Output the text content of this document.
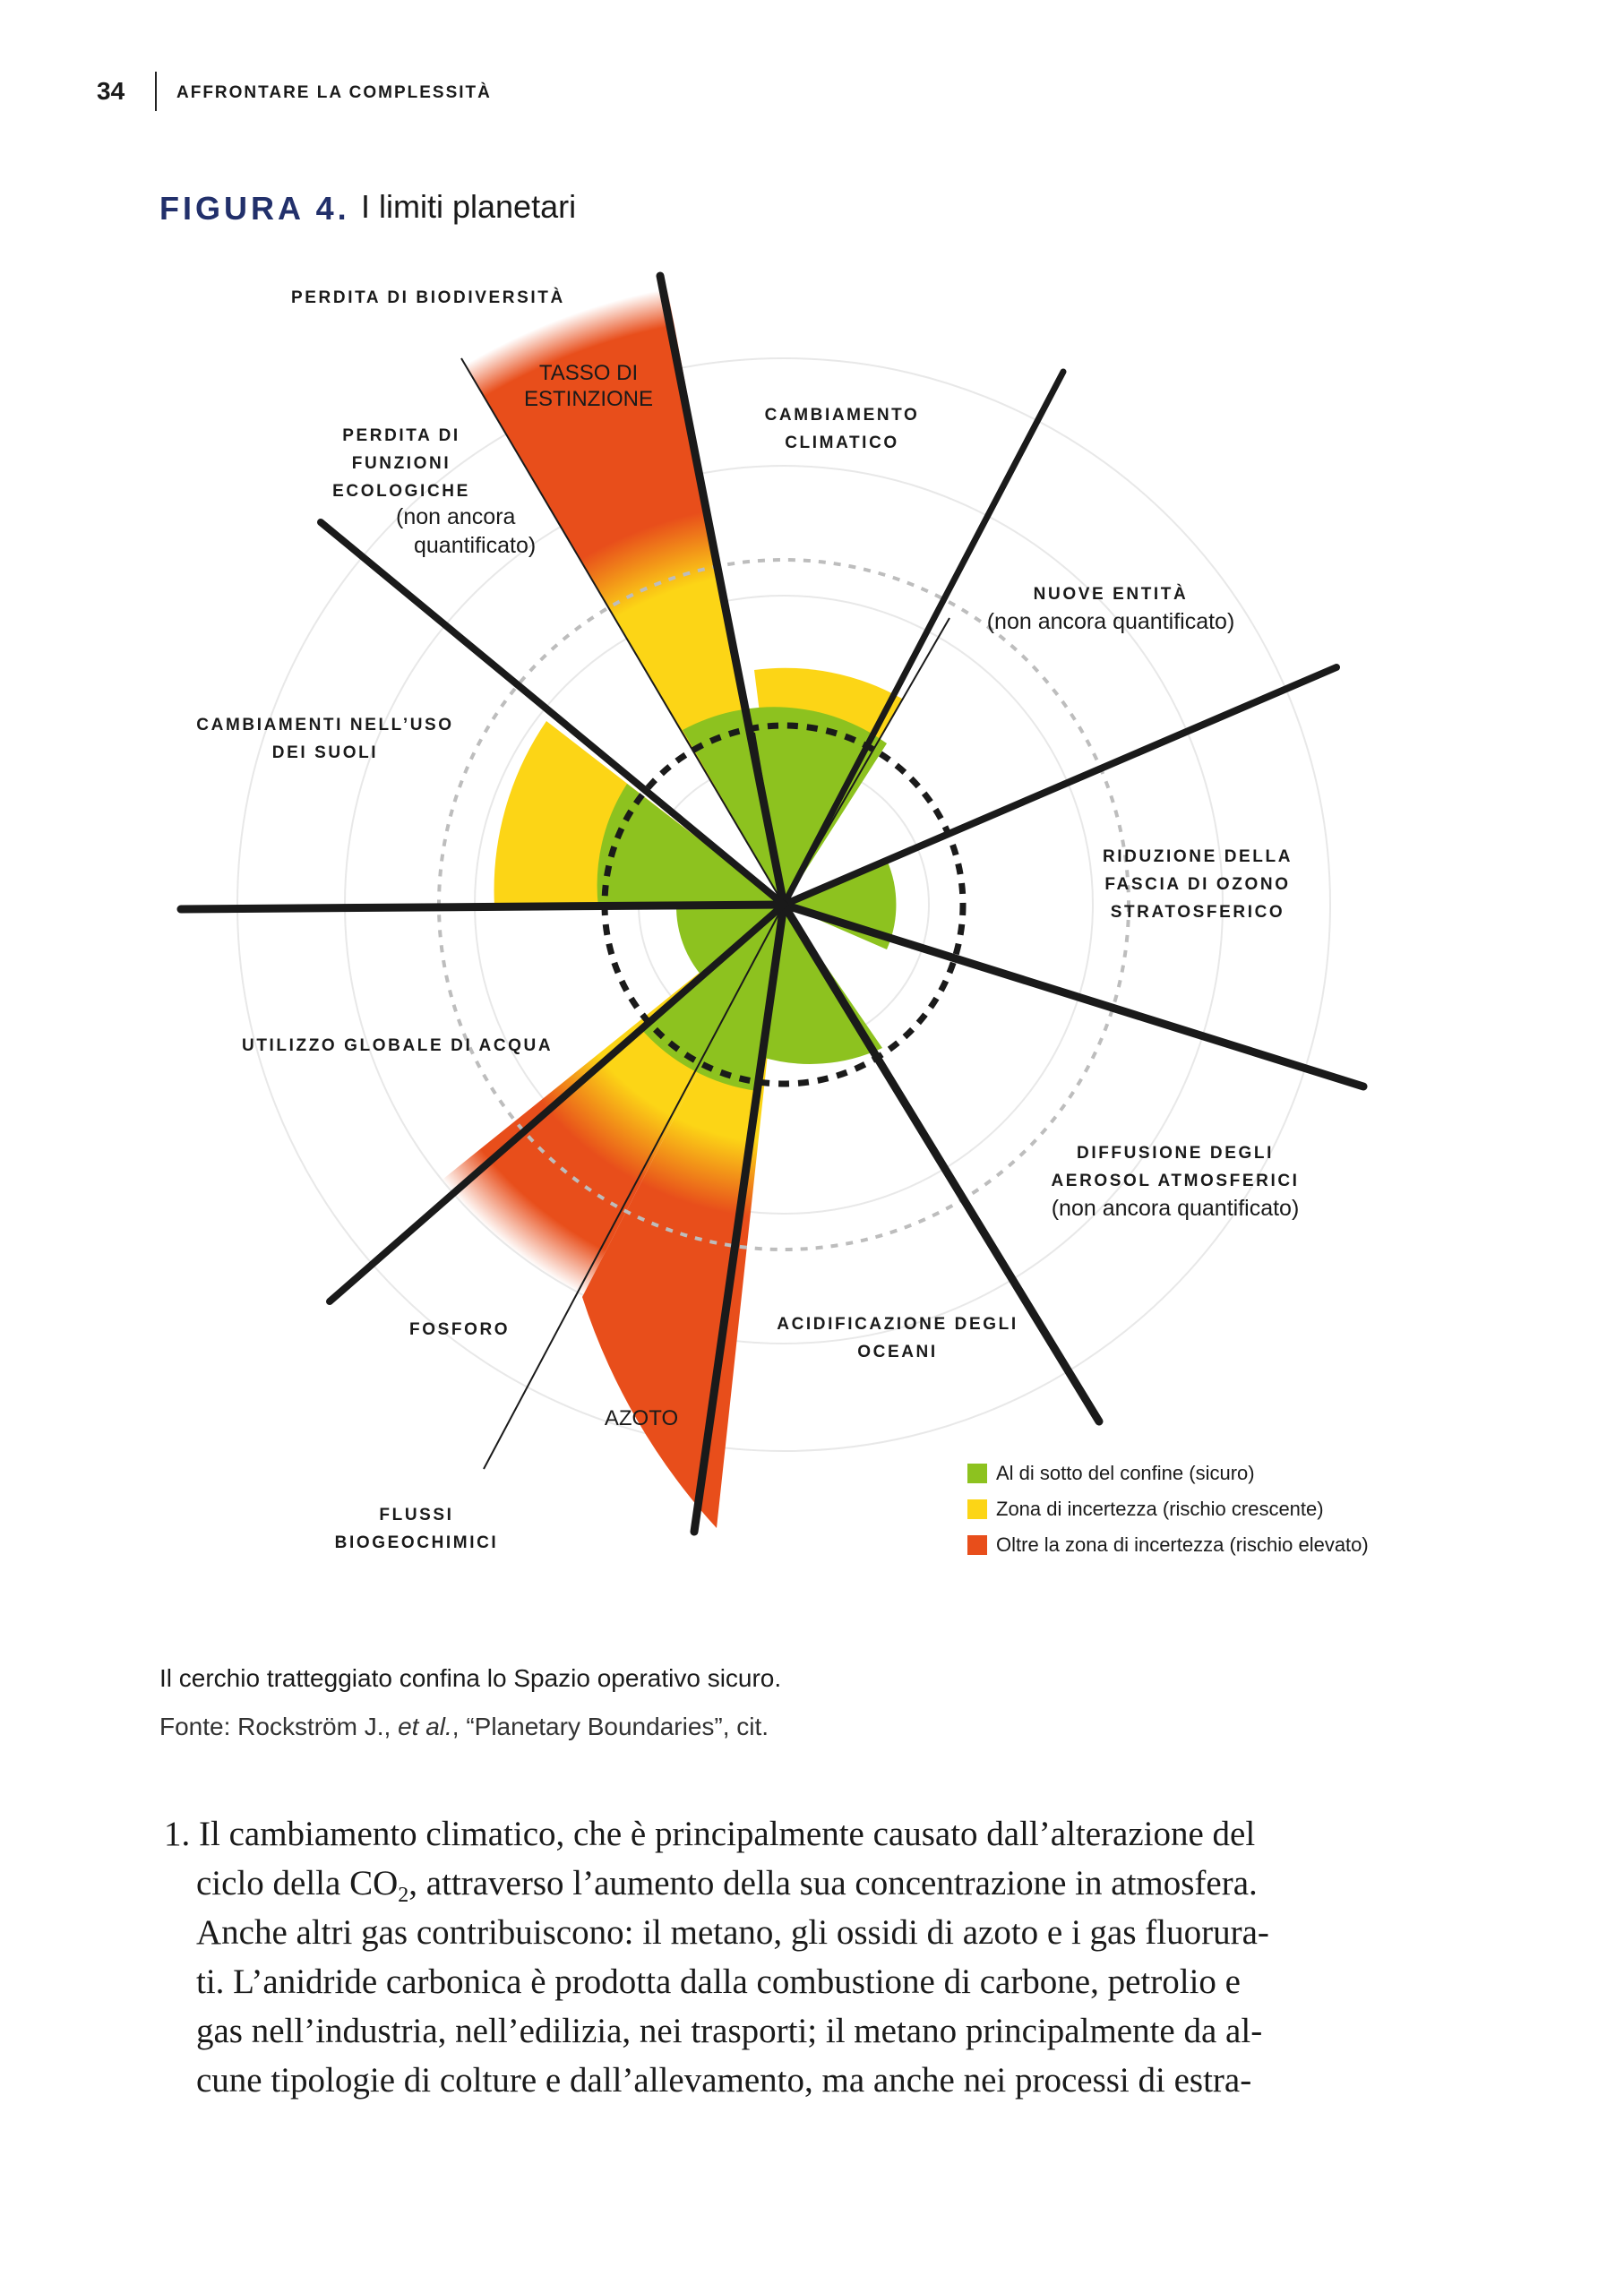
34	AFFRONTARE LA COMPLESSITÀ
FIGURA 4. I limiti planetari
PERDITA DI BIODIVERSITÀ
TASSO DI
ESTINZIONE
PERDITA DI
FUNZIONI
ECOLOGICHE
(non ancora
quantificato)
CAMBIAMENTO
CLIMATICO
NUOVE ENTITÀ
(non ancora quantificato)
CAMBIAMENTI NELL’USO
DEI SUOLI
RIDUZIONE DELLA
FASCIA DI OZONO
STRATOSFERICO
UTILIZZO GLOBALE DI ACQUA
DIFFUSIONE DEGLI
AEROSOL ATMOSFERICI
(non ancora quantificato)
FOSFORO	ACIDIFICAZIONE DEGLI
OCEANI
AZOTO
FLUSSI
BIOGEOCHIMICI
Al di sotto del confine (sicuro)
Zona di incertezza (rischio crescente)
Oltre la zona di incertezza (rischio elevato)
Il cerchio tratteggiato confina lo Spazio operativo sicuro.
Fonte: Rockström J., et al., “Planetary Boundaries”, cit.
1. Il cambiamento climatico, che è principalmente causato dall’alterazione del
ciclo della $CO_2$, attraverso l’aumento della sua concentrazione in atmosfera.
Anche altri gas contribuiscono: il metano, gli ossidi di azoto e i gas fluorura-
ti. L’anidride carbonica è prodotta dalla combustione di carbone, petrolio e
gas nell’industria, nell’edilizia, nei trasporti; il metano principalmente da al-
cune tipologie di colture e dall’allevamento, ma anche nei processi di estra-
